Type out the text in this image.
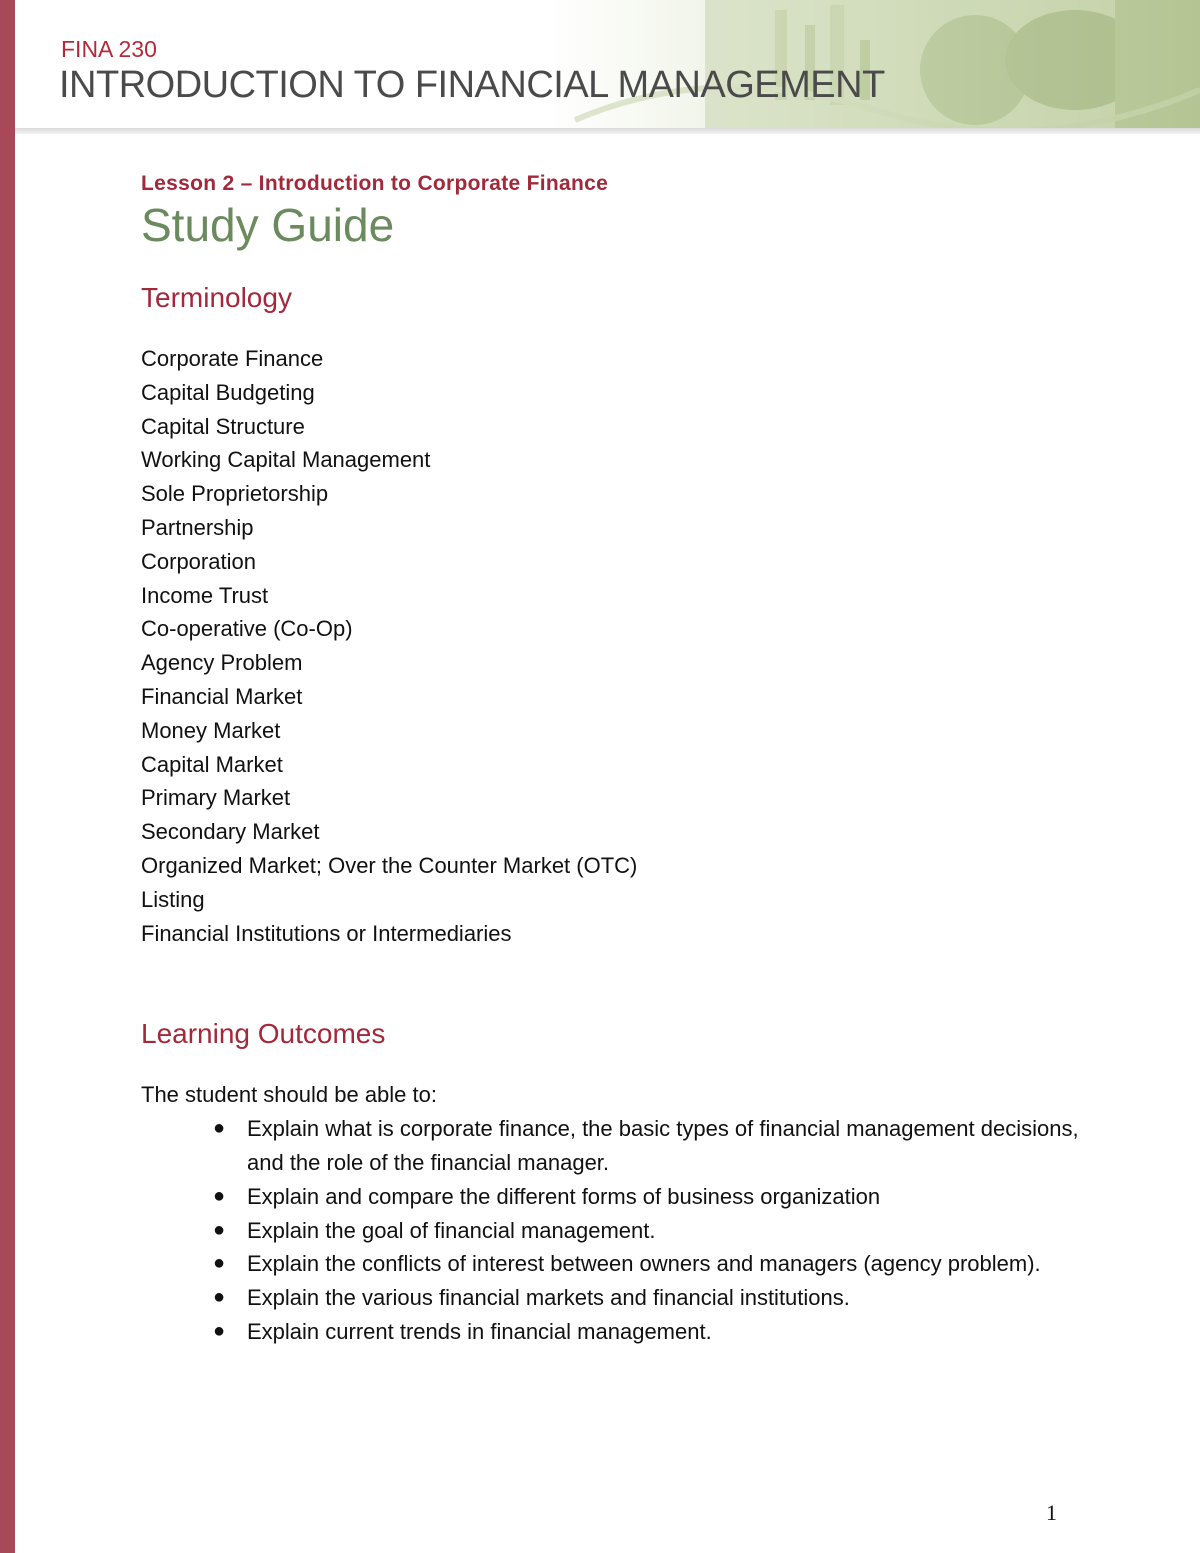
FINA 230
INTRODUCTION TO FINANCIAL MANAGEMENT
Lesson 2 – Introduction to Corporate Finance
Study Guide
Terminology
Corporate Finance
Capital Budgeting
Capital Structure
Working Capital Management
Sole Proprietorship
Partnership
Corporation
Income Trust
Co-operative (Co-Op)
Agency Problem
Financial Market
Money Market
Capital Market
Primary Market
Secondary Market
Organized Market; Over the Counter Market (OTC)
Listing
Financial Institutions or Intermediaries
Learning Outcomes

The student should be able to:

● Explain what is corporate finance, the basic types of financial management decisions, and the role of the financial manager.
● Explain and compare the different forms of business organization
● Explain the goal of financial management.
● Explain the conflicts of interest between owners and managers (agency problem).
● Explain the various financial markets and financial institutions.
● Explain current trends in financial management.

1
